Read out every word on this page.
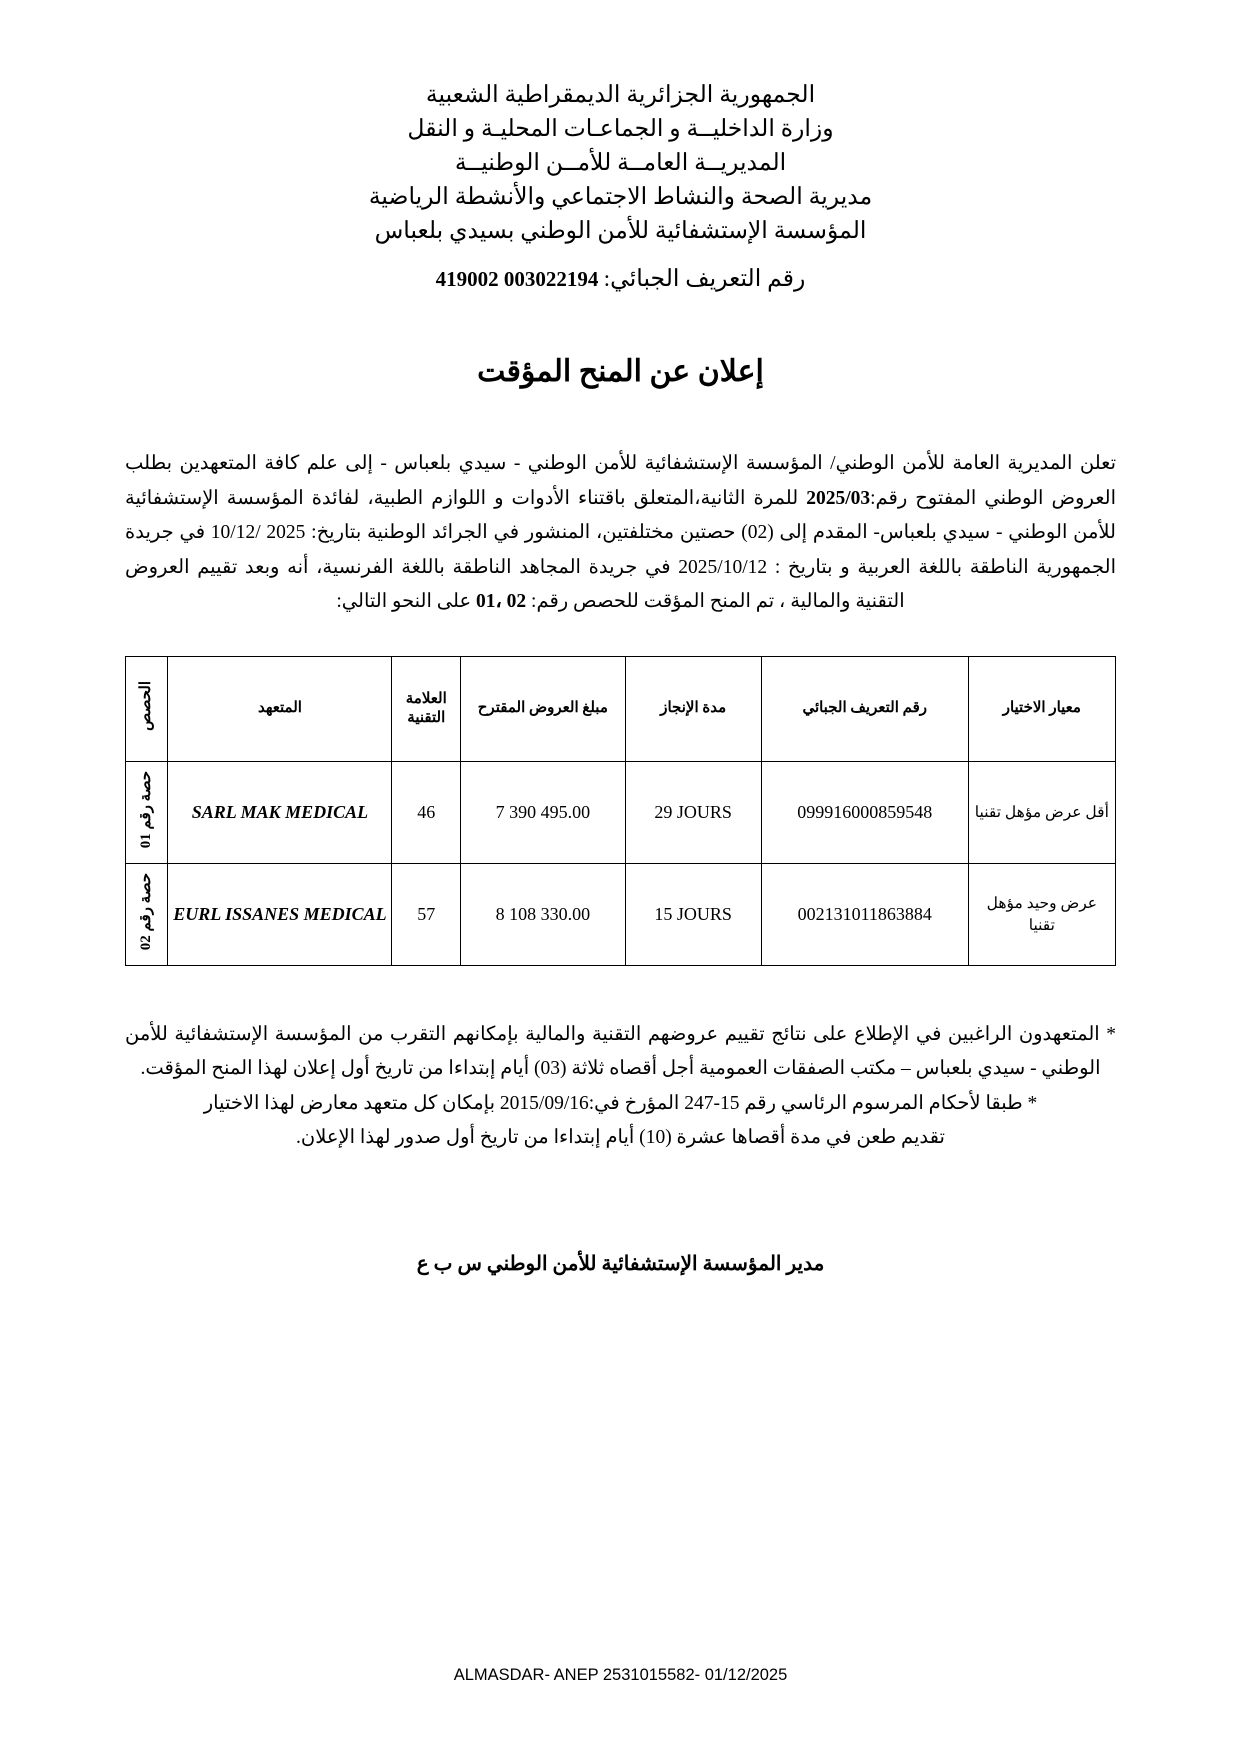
الجمهورية الجزائرية الديمقراطية الشعبية
وزارة الداخليــة و الجماعـات المحليـة و النقل
المديريــة العامــة للأمــن الوطنيــة
مديرية الصحة والنشاط الاجتماعي والأنشطة الرياضية
المؤسسة الإستشفائية للأمن الوطني بسيدي بلعباس
رقم التعريف الجبائي: 003022194 419002
إعلان عن المنح المؤقت
تعلن المديرية العامة للأمن الوطني/ المؤسسة الإستشفائية للأمن الوطني - سيدي بلعباس - إلى علم كافة المتعهدين بطلب العروض الوطني المفتوح رقم:2025/03 للمرة الثانية،المتعلق باقتناء الأدوات و اللوازم الطبية، لفائدة المؤسسة الإستشفائية للأمن الوطني - سيدي بلعباس- المقدم إلى (02) حصتين مختلفتين، المنشور في الجرائد الوطنية بتاريخ: 2025 /10/12 في جريدة الجمهورية الناطقة باللغة العربية و بتاريخ : 2025/10/12 في جريدة المجاهد الناطقة باللغة الفرنسية، أنه وبعد تقييم العروض التقنية والمالية ، تم المنح المؤقت للحصص رقم: 02 ،01 على النحو التالي:
معيار الاختيار	رقم التعريف الجبائي	مدة الإنجاز	مبلغ العروض المقترح	العلامة التقنية	المتعهد	الحصص
أقل عرض مؤهل تقنيا	099916000859548	29 JOURS	7 390 495.00	46	SARL MAK MEDICAL	حصة رقم 01
عرض وحيد مؤهل تقنيا	002131011863884	15 JOURS	8 108 330.00	57	EURL ISSANES MEDICAL	حصة رقم 02

* المتعهدون الراغبين في الإطلاع على نتائج تقييم عروضهم التقنية والمالية بإمكانهم التقرب من المؤسسة الإستشفائية للأمن الوطني - سيدي بلعباس – مكتب الصفقات العمومية أجل أقصاه ثلاثة (03) أيام إبتداءا من تاريخ أول إعلان لهذا المنح المؤقت.

* طبقا لأحكام المرسوم الرئاسي رقم 15-247 المؤرخ في:2015/09/16 بإمكان كل متعهد معارض لهذا الاختيار

تقديم طعن في مدة أقصاها عشرة (10) أيام إبتداءا من تاريخ أول صدور لهذا الإعلان.

مدير المؤسسة الإستشفائية للأمن الوطني س ب ع
ALMASDAR- ANEP 2531015582- 01/12/2025
